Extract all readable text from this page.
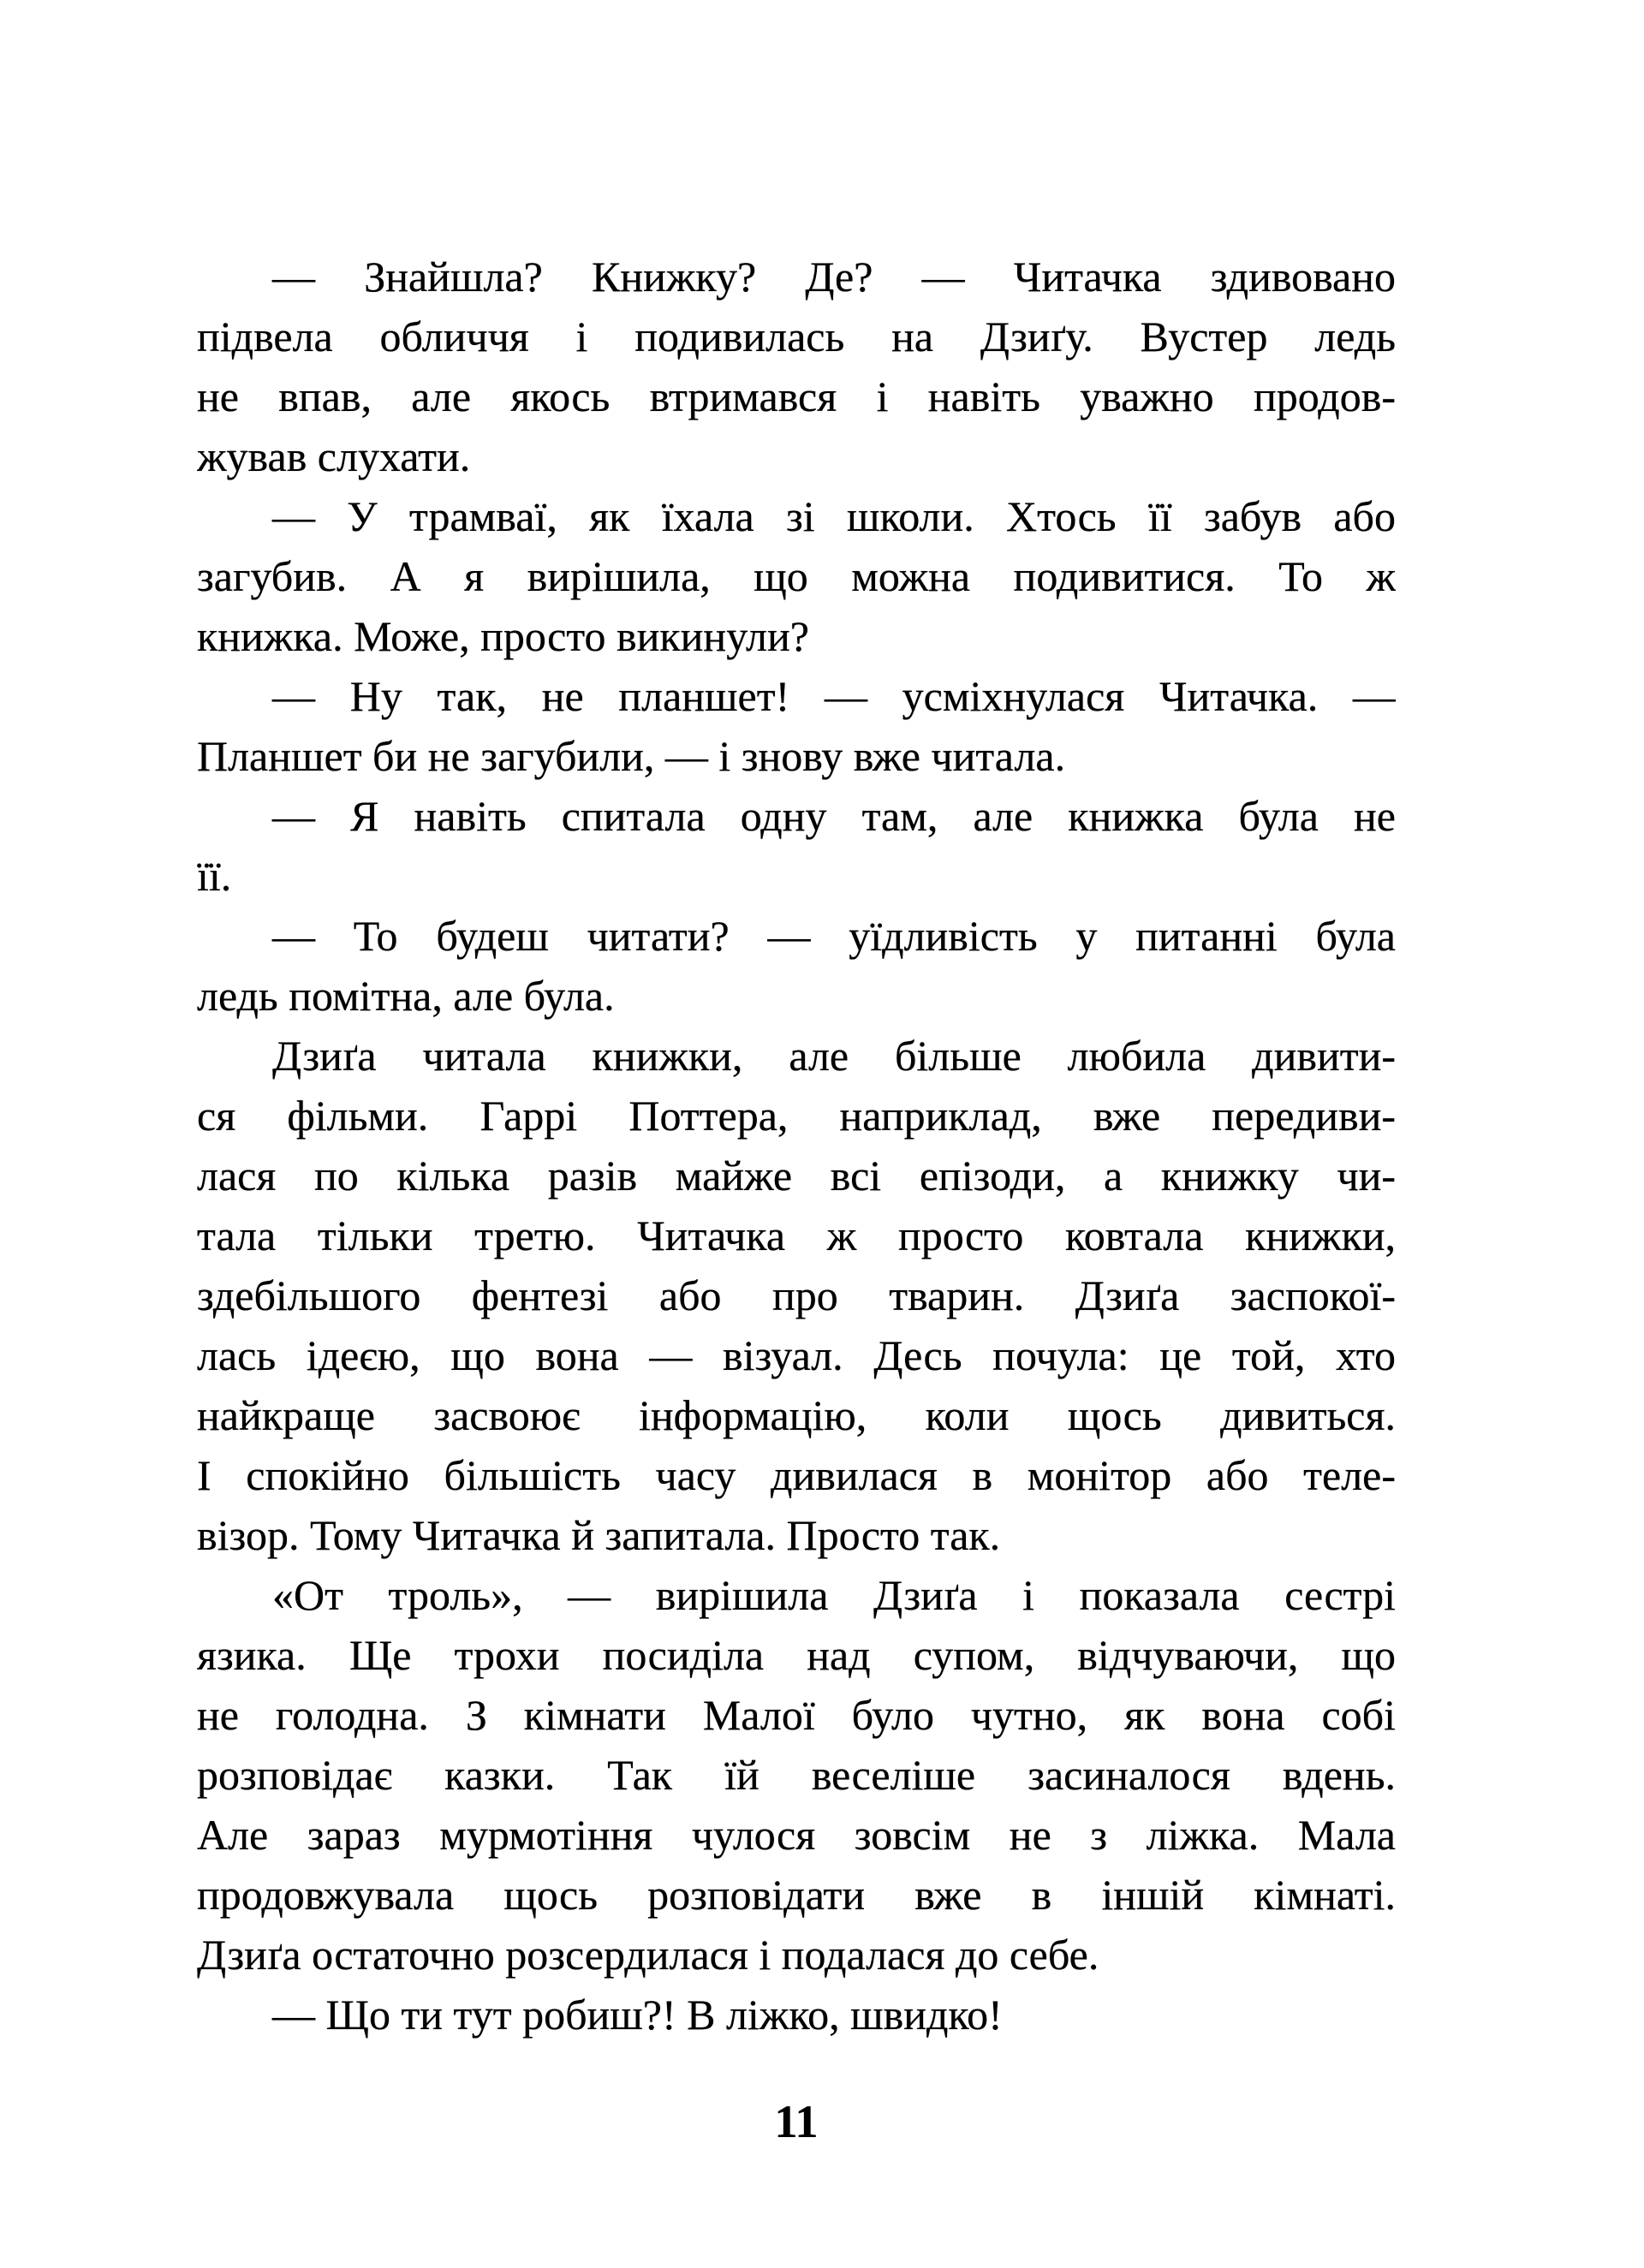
— Знайшла? Книжку? Де? — Читачка здивовано
підвела обличчя і подивилась на Дзиґу. Вустер ледь
не впав, але якось втримався і навіть уважно продов-
жував слухати.
— У трамваї, як їхала зі школи. Хтось її забув або
загубив. А я вирішила, що можна подивитися. То ж
книжка. Може, просто викинули?
— Ну так, не планшет! — усміхнулася Читачка. —
Планшет би не загубили, — і знову вже читала.
— Я навіть спитала одну там, але книжка була не
її.
— То будеш читати? — уїдливість у питанні була
ледь помітна, але була.
Дзиґа читала книжки, але більше любила дивити-
ся фільми. Гаррі Поттера, наприклад, вже передиви-
лася по кілька разів майже всі епізоди, а книжку чи-
тала тільки третю. Читачка ж просто ковтала книжки,
здебільшого фентезі або про тварин. Дзиґа заспокої-
лась ідеєю, що вона — візуал. Десь почула: це той, хто
найкраще засвоює інформацію, коли щось дивиться.
І спокійно більшість часу дивилася в монітор або теле-
візор. Тому Читачка й запитала. Просто так.
«От троль», — вирішила Дзиґа і показала сестрі
язика. Ще трохи посиділа над супом, відчуваючи, що
не голодна. З кімнати Малої було чутно, як вона собі
розповідає казки. Так їй веселіше засиналося вдень.
Але зараз мурмотіння чулося зовсім не з ліжка. Мала
продовжувала щось розповідати вже в іншій кімнаті.
Дзиґа остаточно розсердилася і подалася до себе.
— Що ти тут робиш?! В ліжко, швидко!
11
